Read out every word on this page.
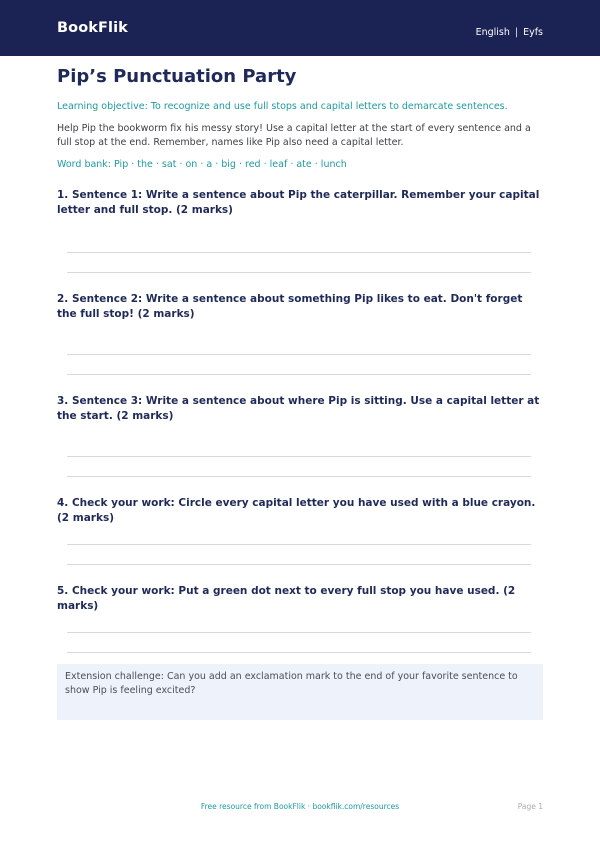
BookFlik	English | Eyfs
Pip’s Punctuation Party
Learning objective: To recognize and use full stops and capital letters to demarcate sentences.
Help Pip the bookworm fix his messy story! Use a capital letter at the start of every sentence and a full stop at the end. Remember, names like Pip also need a capital letter.
Word bank: Pip · the · sat · on · a · big · red · leaf · ate · lunch

1. Sentence 1: Write a sentence about Pip the caterpillar. Remember your capital letter and full stop. (2 marks)

2. Sentence 2: Write a sentence about something Pip likes to eat. Don't forget the full stop! (2 marks)

3. Sentence 3: Write a sentence about where Pip is sitting. Use a capital letter at the start. (2 marks)

4. Check your work: Circle every capital letter you have used with a blue crayon. (2 marks)

5. Check your work: Put a green dot next to every full stop you have used. (2 marks)

Extension challenge: Can you add an exclamation mark to the end of your favorite sentence to show Pip is feeling excited?
Free resource from BookFlik · bookflik.com/resources	Page 1
